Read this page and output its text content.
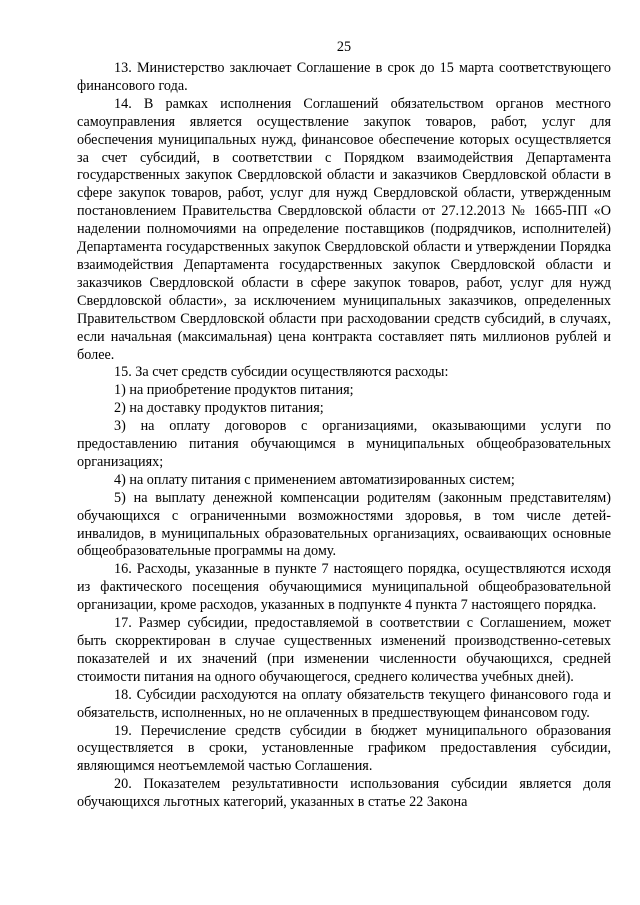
25

13. Министерство заключает Соглашение в срок до 15 марта соответствующего финансового года.

14. В рамках исполнения Соглашений обязательством органов местного самоуправления является осуществление закупок товаров, работ, услуг для обеспечения муниципальных нужд, финансовое обеспечение которых осуществляется за счет субсидий, в соответствии с Порядком взаимодействия Департамента государственных закупок Свердловской области и заказчиков Свердловской области в сфере закупок товаров, работ, услуг для нужд Свердловской области, утвержденным постановлением Правительства Свердловской области от 27.12.2013 № 1665-ПП «О наделении полномочиями на определение поставщиков (подрядчиков, исполнителей) Департамента государственных закупок Свердловской области и утверждении Порядка взаимодействия Департамента государственных закупок Свердловской области и заказчиков Свердловской области в сфере закупок товаров, работ, услуг для нужд Свердловской области», за исключением муниципальных заказчиков, определенных Правительством Свердловской области при расходовании средств субсидий, в случаях, если начальная (максимальная) цена контракта составляет пять миллионов рублей и более.

15. За счет средств субсидии осуществляются расходы:

1) на приобретение продуктов питания;

2) на доставку продуктов питания;

3) на оплату договоров с организациями, оказывающими услуги по предоставлению питания обучающимся в муниципальных общеобразовательных организациях;

4) на оплату питания с применением автоматизированных систем;

5) на выплату денежной компенсации родителям (законным представителям) обучающихся с ограниченными возможностями здоровья, в том числе детей-инвалидов, в муниципальных образовательных организациях, осваивающих основные общеобразовательные программы на дому.

16. Расходы, указанные в пункте 7 настоящего порядка, осуществляются исходя из фактического посещения обучающимися муниципальной общеобразовательной организации, кроме расходов, указанных в подпункте 4 пункта 7 настоящего порядка.

17. Размер субсидии, предоставляемой в соответствии с Соглашением, может быть скорректирован в случае существенных изменений производственно-сетевых показателей и их значений (при изменении численности обучающихся, средней стоимости питания на одного обучающегося, среднего количества учебных дней).

18. Субсидии расходуются на оплату обязательств текущего финансового года и обязательств, исполненных, но не оплаченных в предшествующем финансовом году.

19. Перечисление средств субсидии в бюджет муниципального образования осуществляется в сроки, установленные графиком предоставления субсидии, являющимся неотъемлемой частью Соглашения.

20. Показателем результативности использования субсидии является доля обучающихся льготных категорий, указанных в статье 22 Закона
